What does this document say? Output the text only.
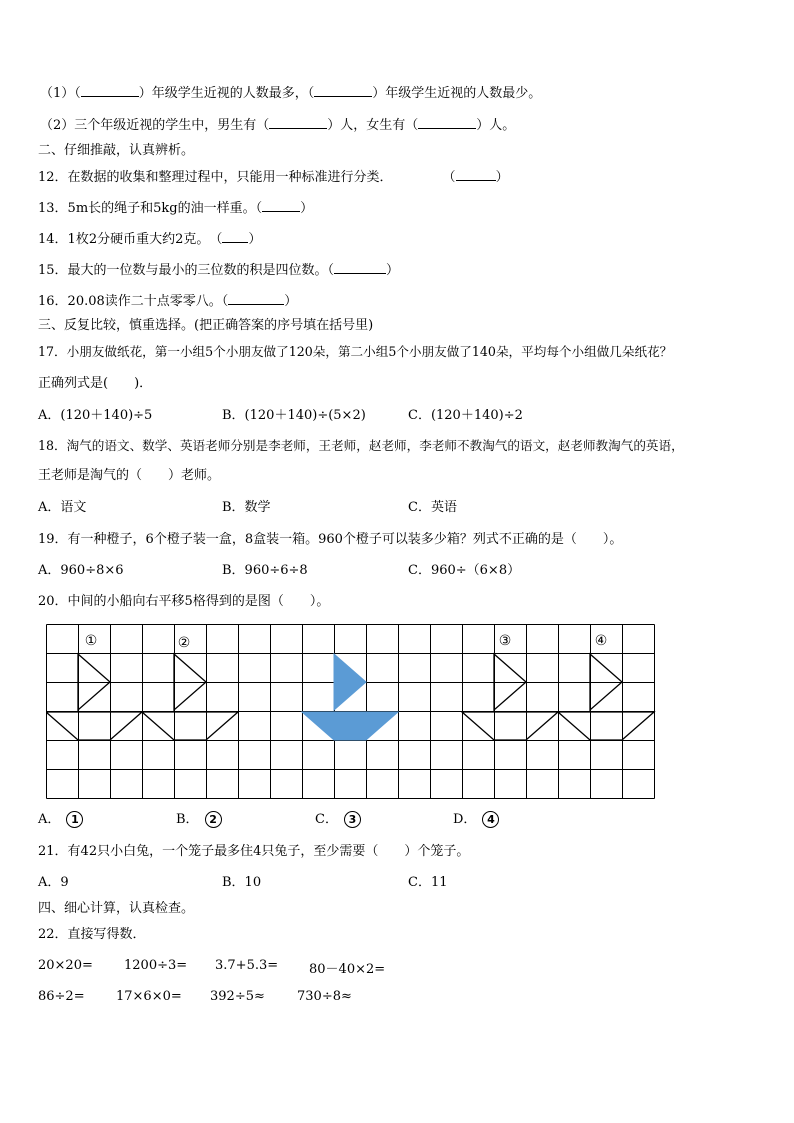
（1）（	）年级学生近视的人数最多，（	）年级学生近视的人数最少。
（2）三个年级近视的学生中，男生有（	）人，女生有（	）人。
二、仔细推敲，认真辨析。
12．在数据的收集和整理过程中，只能用一种标准进行分类．	（	）
13．5m长的绳子和5kg的油一样重。（	）
14．1枚2分硬币重大约2克。　（ ）
15．最大的一位数与最小的三位数的积是四位数。（	）
16．20.08读作二十点零零八。（	）
三、反复比较，慎重选择。(把正确答案的序号填在括号里)
17．小朋友做纸花，第一小组5个小朋友做了120朵，第二小组5个小朋友做了140朵，平均每个小组做几朵纸花？
正确列式是(　　)．
A．(120＋140)÷5	B．(120＋140)÷(5×2)	C．(120＋140)÷2
18．淘气的语文、数学、英语老师分别是李老师，王老师，赵老师，李老师不教淘气的语文，赵老师教淘气的英语，
王老师是淘气的（　　）老师。
A．语文	B．数学	C．英语
19．有一种橙子，6个橙子装一盒，8盒装一箱。960个橙子可以装多少箱？列式不正确的是（　　）。
A．960÷8×6	B．960÷6÷8	C．960÷（6×8）
20．中间的小船向右平移5格得到的是图（　　）。
①	②	③	④
A． 1	B． 2	C． 3	D． 4
21．有42只小白兔，一个笼子最多住4只兔子，至少需要（　　）个笼子。
A．9	B．10	C．11
四、细心计算，认真检查。
22．直接写得数．
20×20= 1200÷3= 3.7+5.3= 80－40×2=
86÷2= 17×6×0= 392÷5≈ 730÷8≈
